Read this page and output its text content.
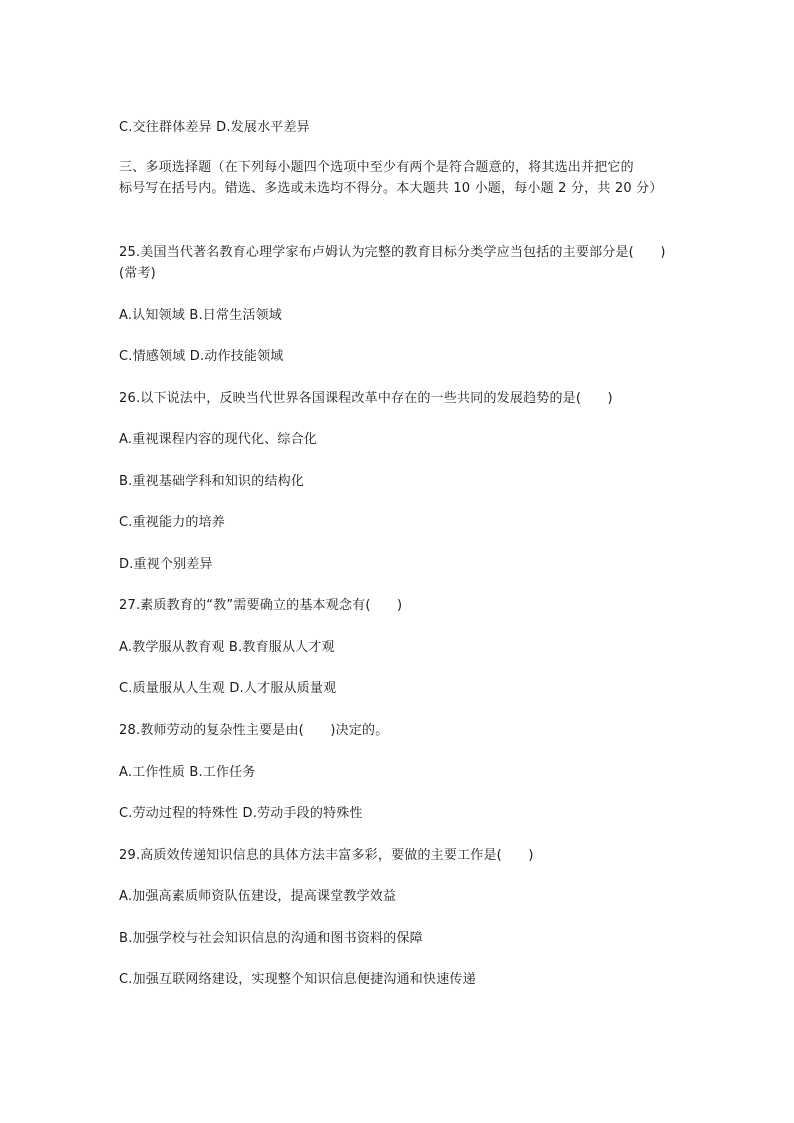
C.交往群体差异 D.发展水平差异
三、多项选择题（在下列每小题四个选项中至少有两个是符合题意的，将其选出并把它的
标号写在括号内。错选、多选或未选均不得分。本大题共 10 小题，每小题 2 分，共 20 分）
25.美国当代著名教育心理学家布卢姆认为完整的教育目标分类学应当包括的主要部分是(　　)
(常考)
A.认知领域 B.日常生活领域
C.情感领域 D.动作技能领域
26.以下说法中，反映当代世界各国课程改革中存在的一些共同的发展趋势的是(　　)
A.重视课程内容的现代化、综合化
B.重视基础学科和知识的结构化
C.重视能力的培养
D.重视个别差异
27.素质教育的“教”需要确立的基本观念有(　　)
A.教学服从教育观 B.教育服从人才观
C.质量服从人生观 D.人才服从质量观
28.教师劳动的复杂性主要是由(　　)决定的。
A.工作性质 B.工作任务
C.劳动过程的特殊性 D.劳动手段的特殊性
29.高质效传递知识信息的具体方法丰富多彩，要做的主要工作是(　　)
A.加强高素质师资队伍建设，提高课堂教学效益
B.加强学校与社会知识信息的沟通和图书资料的保障
C.加强互联网络建设，实现整个知识信息便捷沟通和快速传递
